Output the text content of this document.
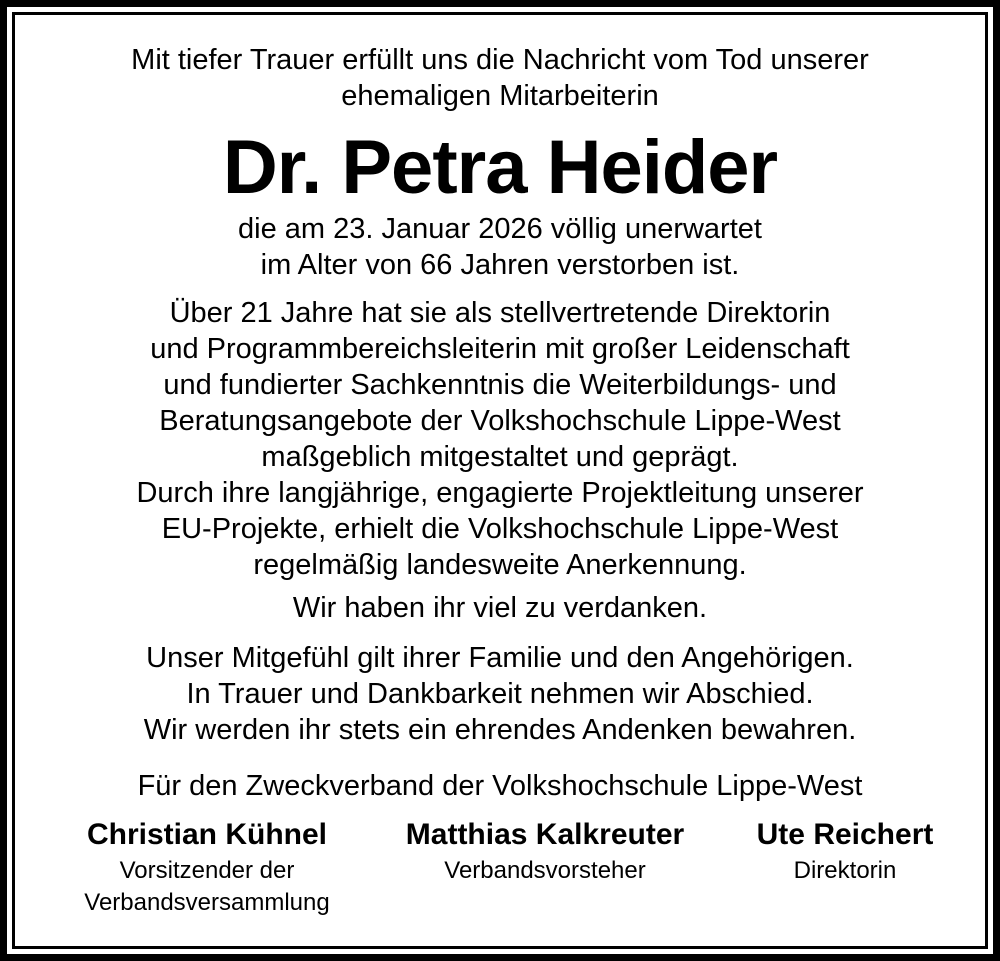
Mit tiefer Trauer erfüllt uns die Nachricht vom Tod unserer
ehemaligen Mitarbeiterin
Dr. Petra Heider
die am 23. Januar 2026 völlig unerwartet
im Alter von 66 Jahren verstorben ist.
Über 21 Jahre hat sie als stellvertretende Direktorin
und Programmbereichsleiterin mit großer Leidenschaft
und fundierter Sachkenntnis die Weiterbildungs- und
Beratungsangebote der Volkshochschule Lippe-West
maßgeblich mitgestaltet und geprägt.
Durch ihre langjährige, engagierte Projektleitung unserer
EU-Projekte, erhielt die Volkshochschule Lippe-West
regelmäßig landesweite Anerkennung.
Wir haben ihr viel zu verdanken.
Unser Mitgefühl gilt ihrer Familie und den Angehörigen.
In Trauer und Dankbarkeit nehmen wir Abschied.
Wir werden ihr stets ein ehrendes Andenken bewahren.
Für den Zweckverband der Volkshochschule Lippe-West
Christian Kühnel
Vorsitzender der
Verbandsversammlung
Matthias Kalkreuter
Verbandsvorsteher
Ute Reichert
Direktorin
